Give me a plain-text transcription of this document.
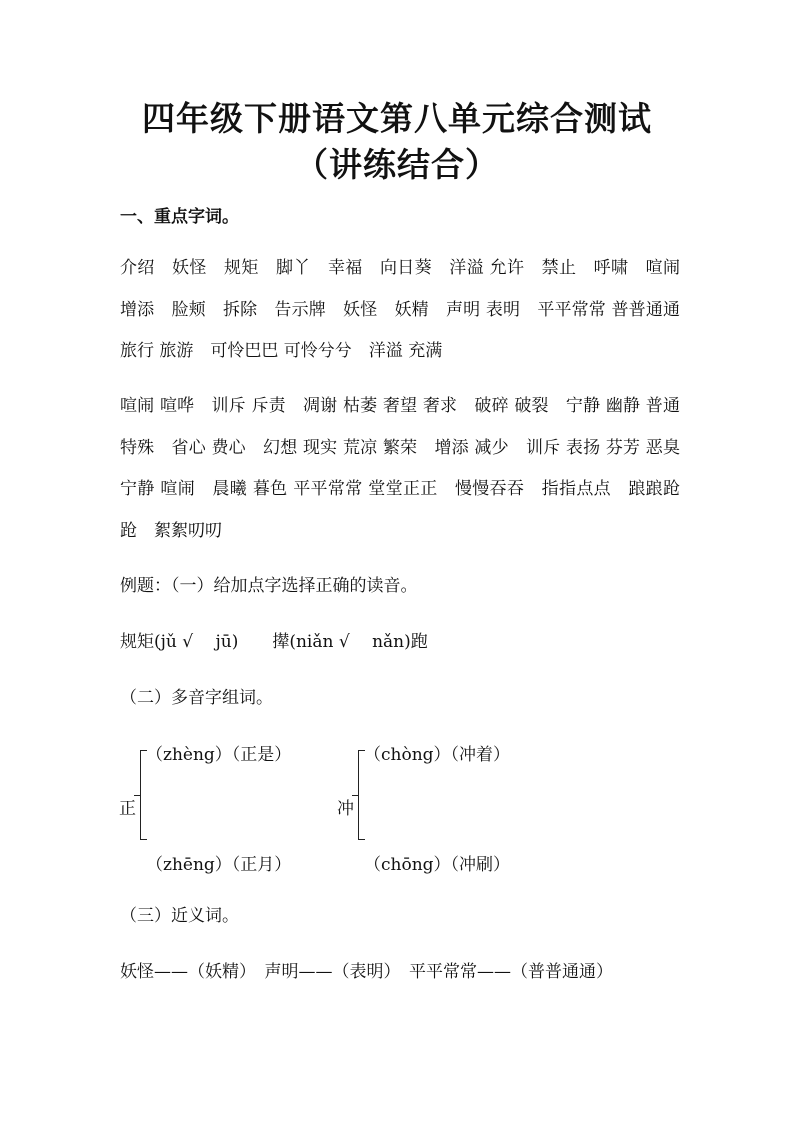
四年级下册语文第八单元综合测试（讲练结合）
一、重点字词。

介绍　妖怪　规矩　脚丫　幸福　向日葵　洋溢 允许　禁止　呼啸　喧闹　增添　脸颊　拆除　告示牌　妖怪　妖精　声明 表明　平平常常 普普通通 旅行 旅游　可怜巴巴 可怜兮兮　洋溢 充满

喧闹 喧哗　训斥 斥责　凋谢 枯萎 奢望 奢求　破碎 破裂　宁静 幽静 普通 特殊　省心 费心　幻想 现实 荒凉 繁荣　增添 减少　训斥 表扬 芬芳 恶臭　宁静 喧闹　晨曦 暮色 平平常常 堂堂正正　慢慢吞吞　指指点点　踉踉跄跄　絮絮叨叨

例题：（一）给加点字选择正确的读音。
规矩(jǔ √　 jū)　　撵(niǎn √　 nǎn)跑
（二）多音字组词。
正
（zhèng）（正是）
（zhēng）（正月）
冲
（chòng）（冲着）
（chōng）（冲刷）
（三）近义词。
妖怪——（妖精）　声明——（表明）　平平常常——（普普通通）
